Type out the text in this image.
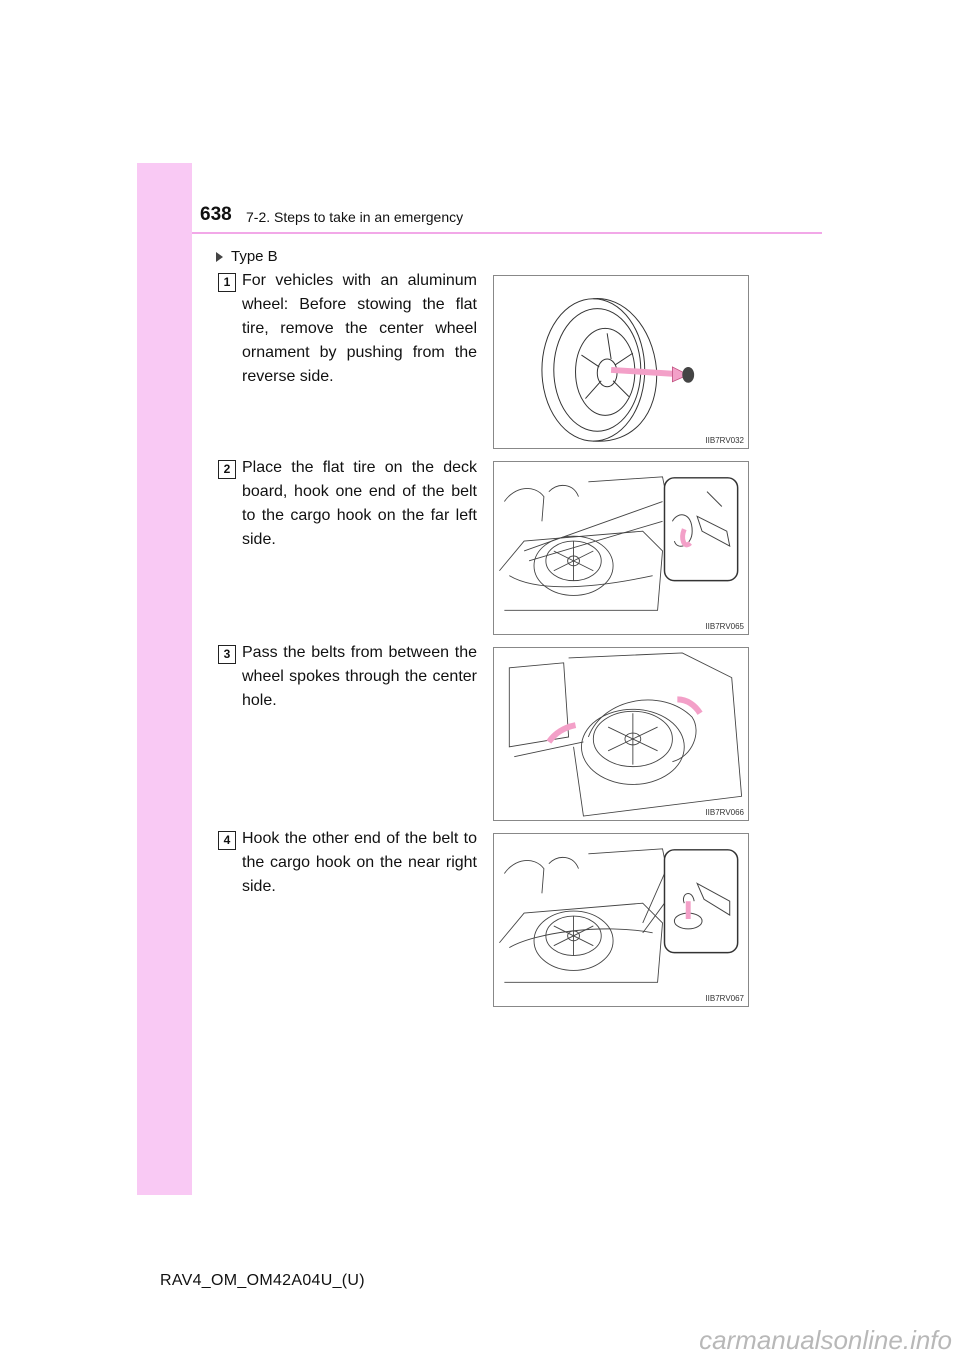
638 7-2. Steps to take in an emergency
Type B
1 For vehicles with an aluminum wheel: Before stowing the flat tire, remove the center wheel ornament by pushing from the reverse side.
IIB7RV032
2 Place the flat tire on the deck board, hook one end of the belt to the cargo hook on the far left side.
IIB7RV065
3 Pass the belts from between the wheel spokes through the center hole.
IIB7RV066
4 Hook the other end of the belt to the cargo hook on the near right side.
IIB7RV067
RAV4_OM_OM42A04U_(U)
carmanualsonline.info
